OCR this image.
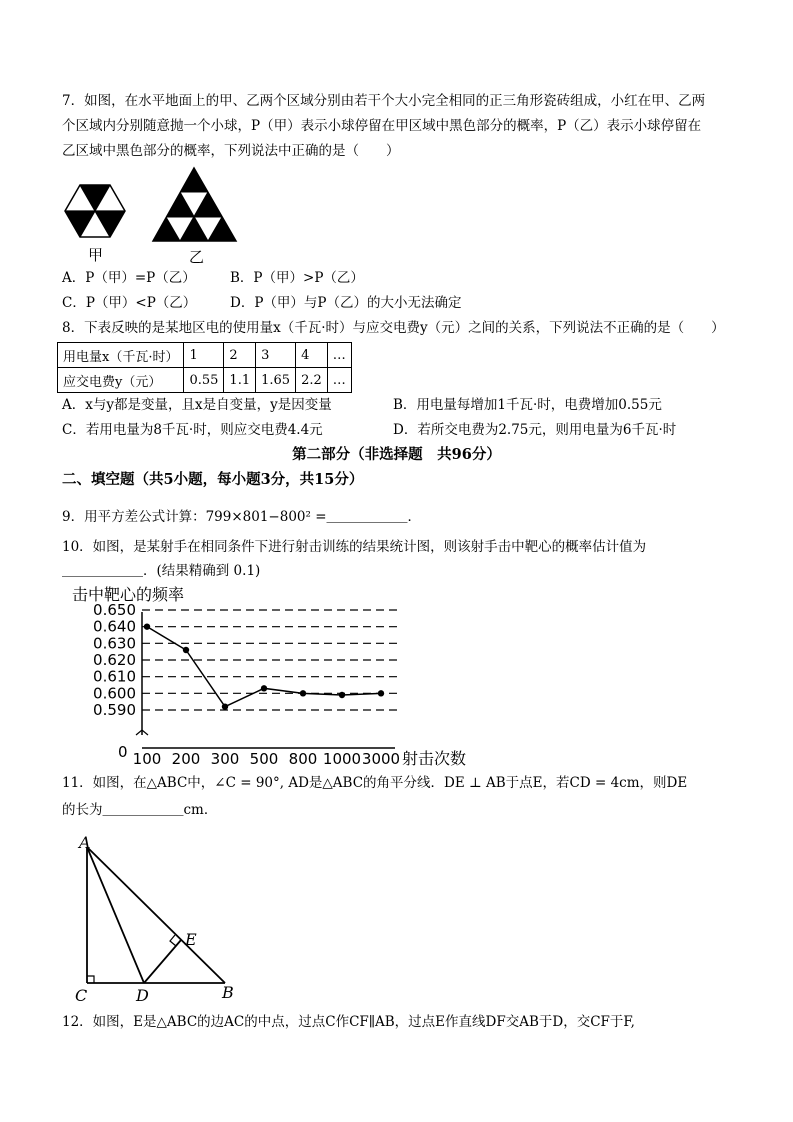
7．如图，在水平地面上的甲、乙两个区域分别由若干个大小完全相同的正三角形瓷砖组成，小红在甲、乙两
个区域内分别随意抛一个小球，P（甲）表示小球停留在甲区域中黑色部分的概率，P（乙）表示小球停留在
乙区域中黑色部分的概率，下列说法中正确的是（　　）
甲	乙
A．P（甲）=P（乙）	B．P（甲）>P（乙）
C．P（甲）<P（乙） D．P（甲）与P（乙）的大小无法确定
8．下表反映的是某地区电的使用量x（千瓦·时）与应交电费y（元）之间的关系，下列说法不正确的是（　　）
用电量x（千瓦·时）	1	2	3	4	…
应交电费y（元）	0.55	1.1	1.65	2.2	…
A．x与y都是变量，且x是自变量，y是因变量	B．用电量每增加1千瓦·时，电费增加0.55元
C．若用电量为8千瓦·时，则应交电费4.4元	D．若所交电费为2.75元，则用电量为6千瓦·时
第二部分（非选择题　共96分）
二、填空题（共5小题，每小题3分，共15分）
9．用平方差公式计算：799×801−800² =＿＿＿＿＿＿．
10．如图，是某射手在相同条件下进行射击训练的结果统计图，则该射手击中靶心的概率估计值为
＿＿＿＿＿＿．(结果精确到 0.1)
击中靶心的频率
0.650
0.640
0.630
0.620
0.610
0.600
0.590
0 100 200 300 500 800 1000 3000 射击次数
11．如图，在△ABC中，∠C = 90°, AD是△ABC的角平分线．DE ⊥ AB于点E，若CD = 4cm，则DE
的长为＿＿＿＿＿＿cm．
A
E
C	D	B
12．如图，E是△ABC的边AC的中点，过点C作CF∥AB，过点E作直线DF交AB于D，交CF于F,
